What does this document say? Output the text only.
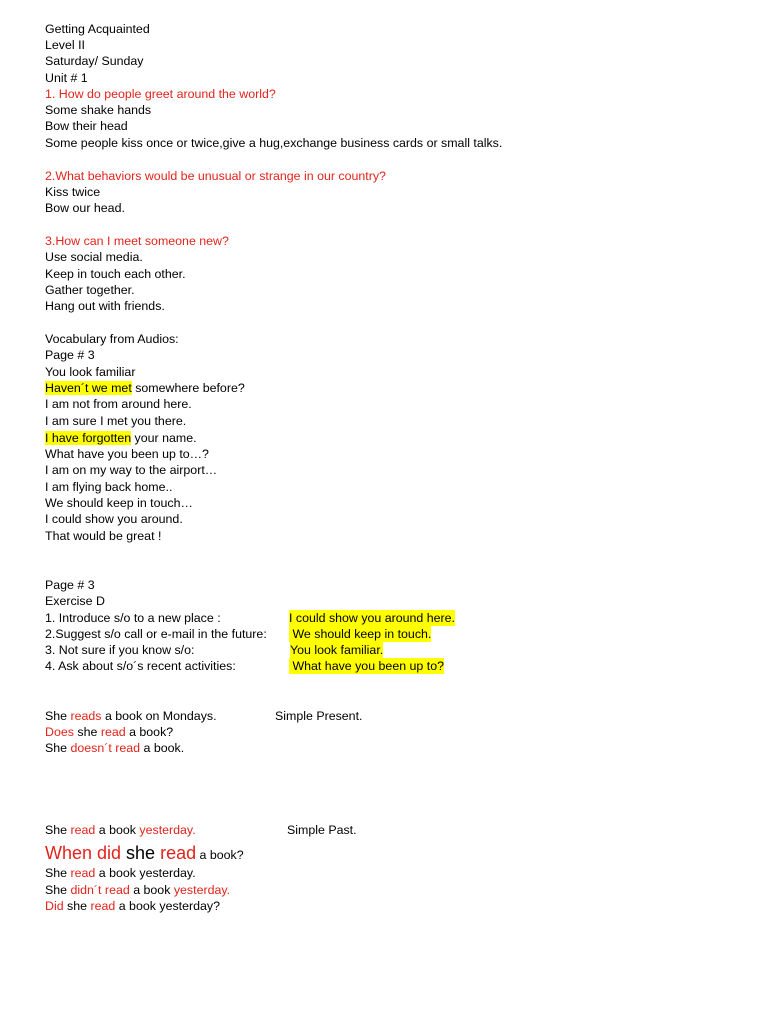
Getting Acquainted
Level II
Saturday/ Sunday
Unit # 1
1. How do people greet around the world?
Some shake hands
Bow their head
Some people kiss once or twice,give a hug,exchange business cards or small talks.
2.What behaviors would be unusual or strange in our country?
Kiss twice
Bow our head.
3.How can I meet someone new?
Use social media.
Keep in touch each other.
Gather together.
Hang out with friends.
Vocabulary from Audios:
Page # 3
You look familiar
Haven´t we met somewhere before?
I am not from around here.
I am sure I met you there.
I have forgotten your name.
What have you been up to…?
I am on my way to the airport…
I am flying back home..
We should keep in touch…
I could show you around.
That would be great !
Page # 3
Exercise D
1. Introduce s/o to a new place :	I could show you around here.
2.Suggest s/o call or e-mail in the future: We should keep in touch.
3. Not sure if you know s/o:	You look familiar.
4. Ask about s/o´s recent activities:	What have you been up to?
She reads a book on Mondays.	Simple Present.
Does she read a book?
She doesn´t read a book.
She read a book yesterday.	Simple Past.
When did she read a book?
She read a book yesterday.
She didn´t read a book yesterday.
Did she read a book yesterday?
